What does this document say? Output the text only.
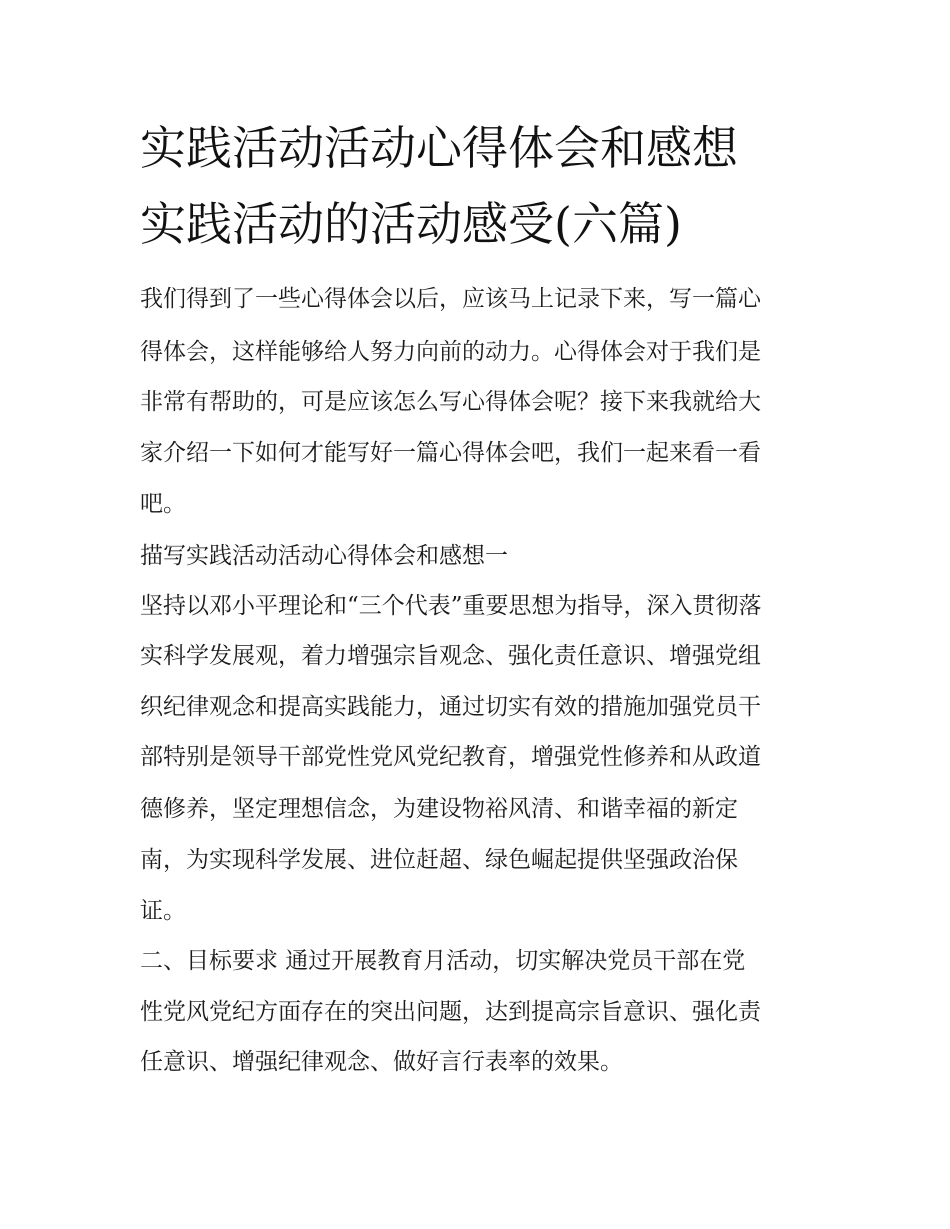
实践活动活动心得体会和感想
实践活动的活动感受(六篇)
我们得到了一些心得体会以后，应该马上记录下来，写一篇心
得体会，这样能够给人努力向前的动力。心得体会对于我们是
非常有帮助的，可是应该怎么写心得体会呢？接下来我就给大
家介绍一下如何才能写好一篇心得体会吧，我们一起来看一看
吧。
描写实践活动活动心得体会和感想一
坚持以邓小平理论和“三个代表”重要思想为指导，深入贯彻落
实科学发展观，着力增强宗旨观念、强化责任意识、增强党组
织纪律观念和提高实践能力，通过切实有效的措施加强党员干
部特别是领导干部党性党风党纪教育，增强党性修养和从政道
德修养，坚定理想信念，为建设物裕风清、和谐幸福的新定
南，为实现科学发展、进位赶超、绿色崛起提供坚强政治保
证。
二、目标要求 通过开展教育月活动，切实解决党员干部在党
性党风党纪方面存在的突出问题，达到提高宗旨意识、强化责
任意识、增强纪律观念、做好言行表率的效果。
